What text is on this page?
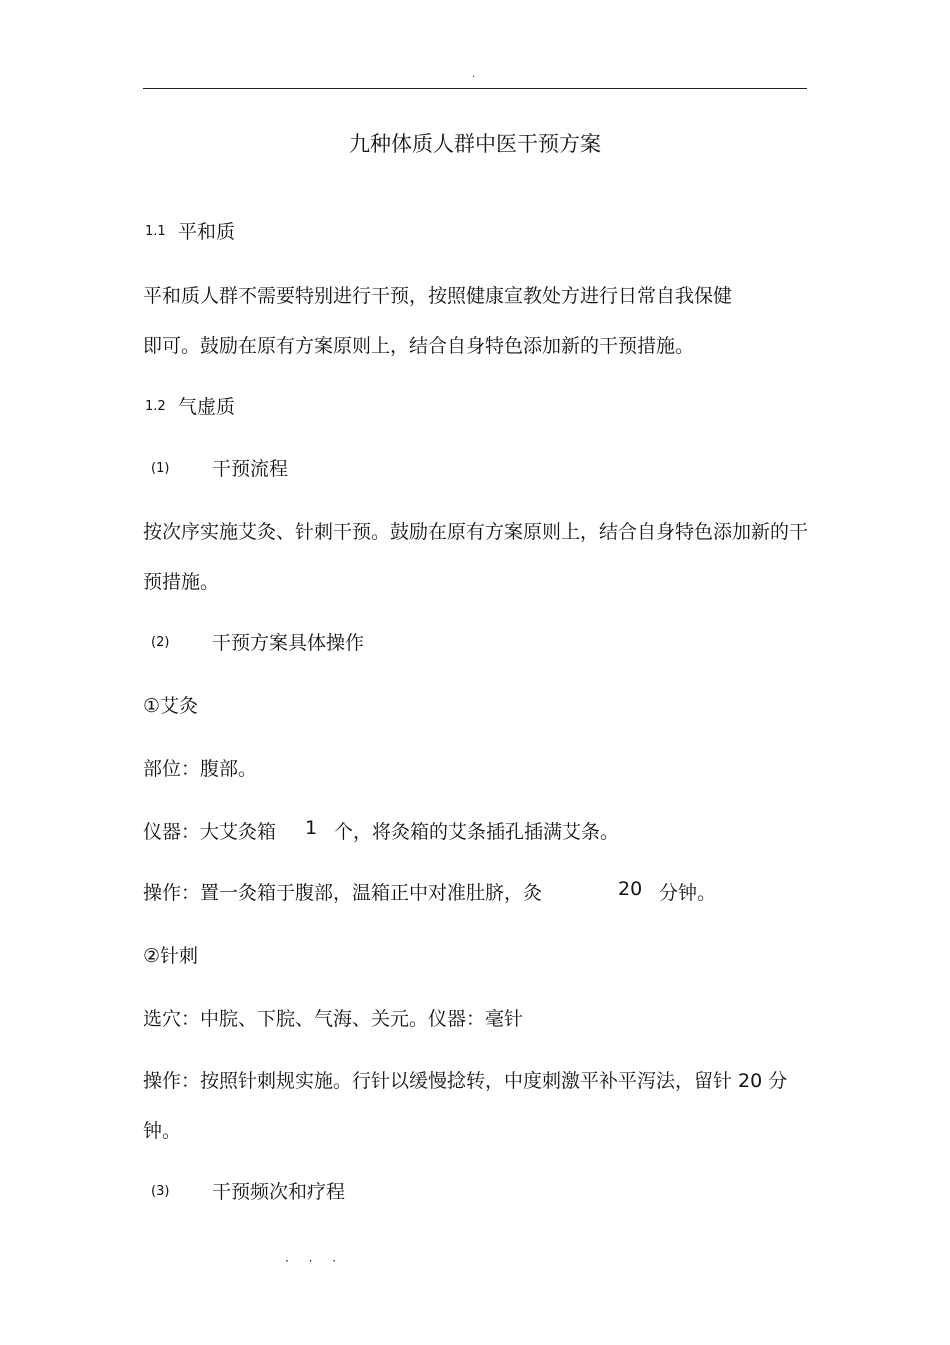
·
九种体质人群中医干预方案
1.1 平和质
平和质人群不需要特别进行干预，按照健康宣教处方进行日常自我保健
即可。鼓励在原有方案原则上，结合自身特色添加新的干预措施。
1.2 气虚质
(1) 干预流程
按次序实施艾灸、针刺干预。鼓励在原有方案原则上，结合自身特色添加新的干
预措施。
(2) 干预方案具体操作
①艾灸
部位：腹部。
仪器：大艾灸箱 1 个，将灸箱的艾条插孔插满艾条。
操作：置一灸箱于腹部，温箱正中对准肚脐，灸	20 分钟。
②针刺
选穴：中脘、下脘、气海、关元。仪器：毫针
操作：按照针刺规实施。行针以缓慢捻转，中度刺激平补平泻法，留针 20 分
钟。
(3) 干预频次和疗程
· · ·
